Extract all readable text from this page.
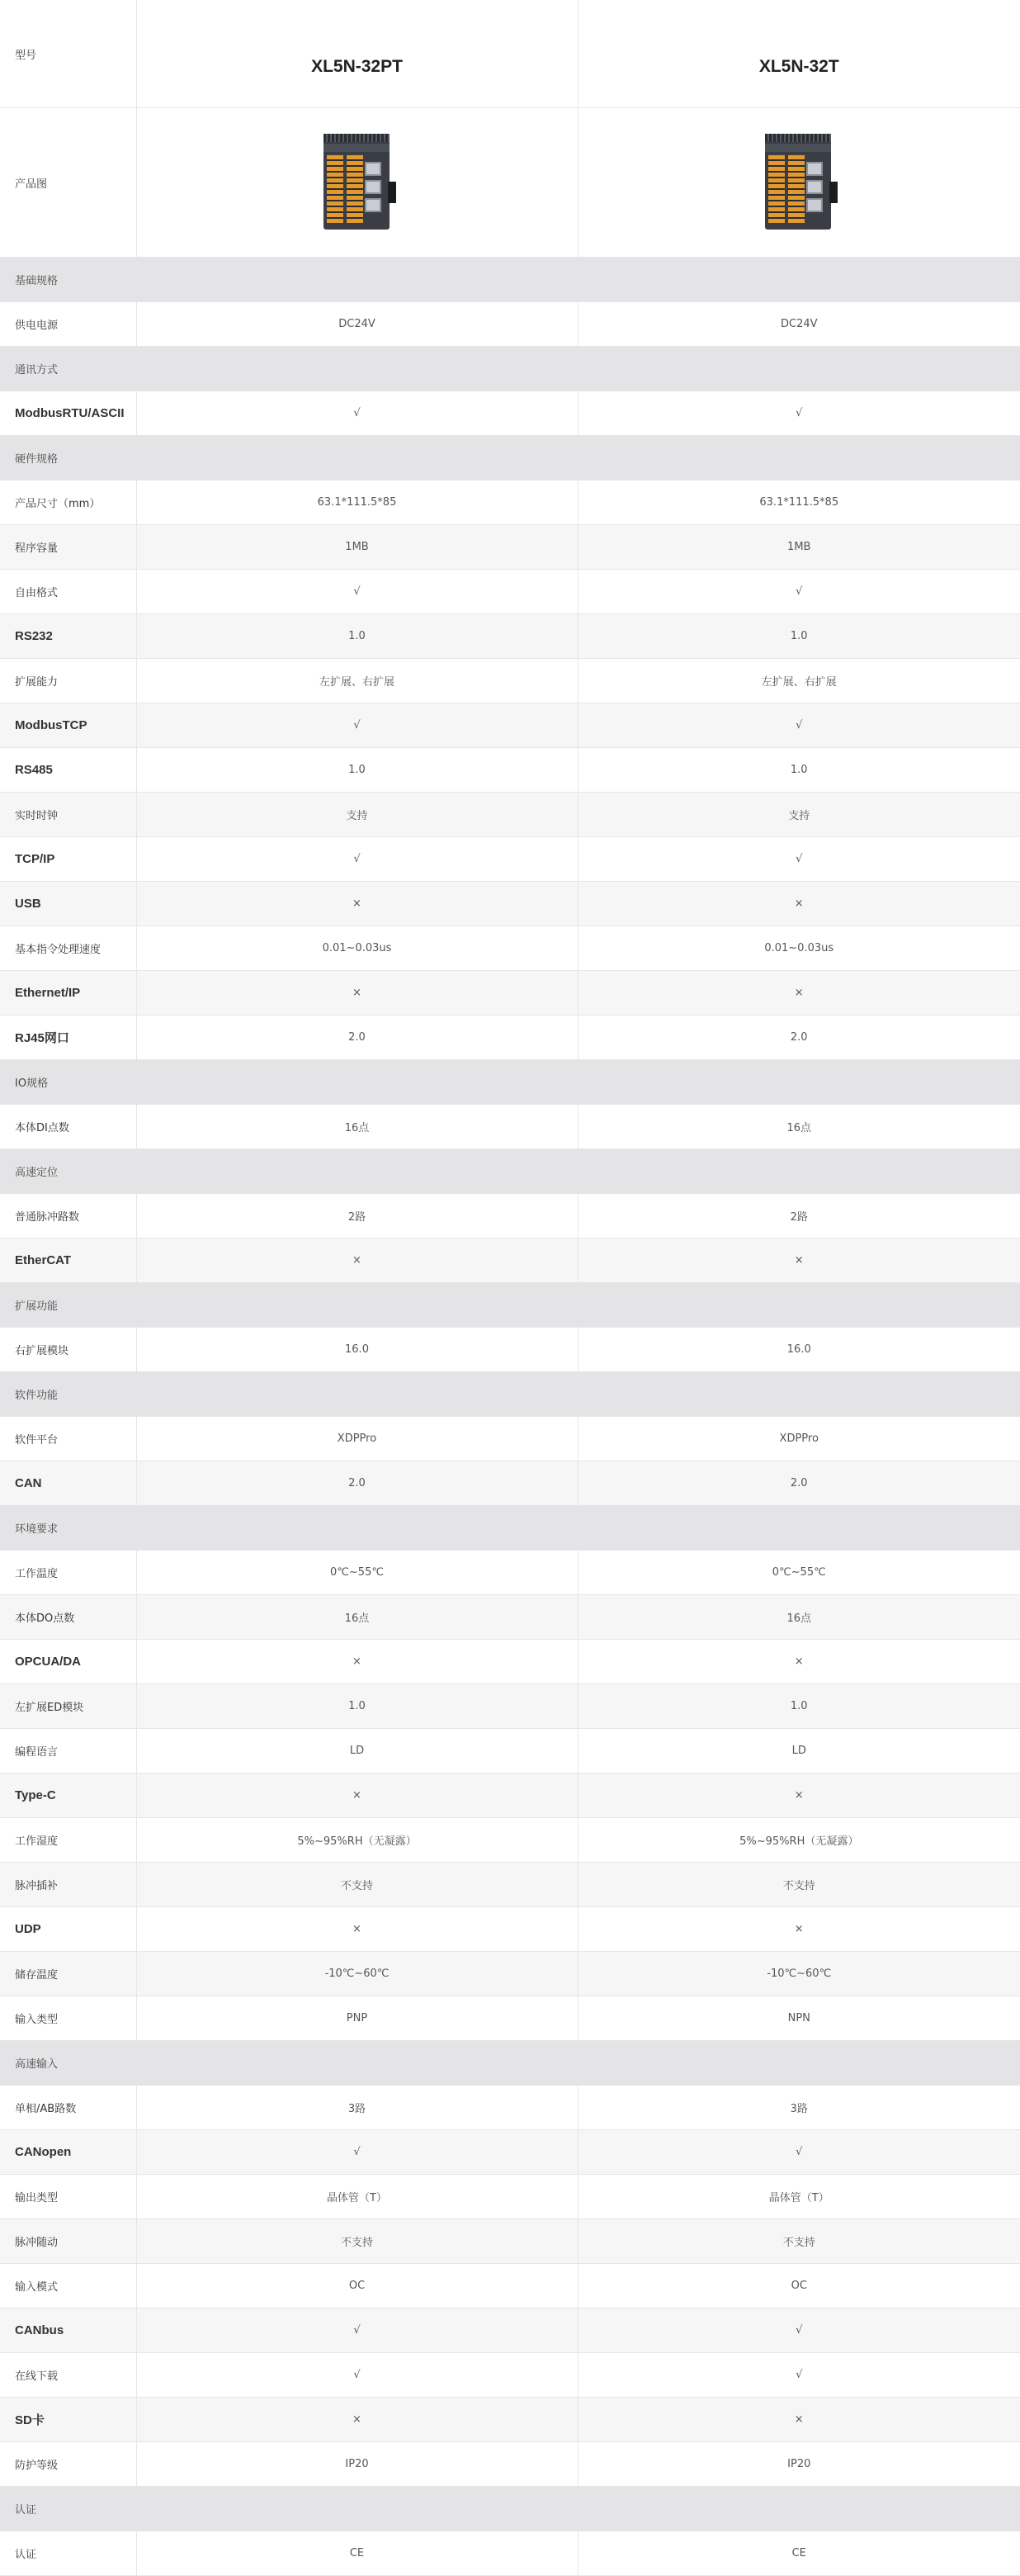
型号	XL5N-32PT	XL5N-32T
产品图	

基础规格		
供电电源	DC24V	DC24V
通讯方式		
ModbusRTU/ASCII	√	√
硬件规格		
产品尺寸（mm）	63.1*111.5*85	63.1*111.5*85
程序容量	1MB	1MB
自由格式	√	√
RS232	1.0	1.0
扩展能力	左扩展、右扩展	左扩展、右扩展
ModbusTCP	√	√
RS485	1.0	1.0
实时时钟	支持	支持
TCP/IP	√	√
USB	×	×
基本指令处理速度	0.01~0.03us	0.01~0.03us
Ethernet/IP	×	×
RJ45网口	2.0	2.0
IO规格		
本体DI点数	16点	16点
高速定位		
普通脉冲路数	2路	2路
EtherCAT	×	×
扩展功能		
右扩展模块	16.0	16.0
软件功能		
软件平台	XDPPro	XDPPro
CAN	2.0	2.0
环境要求		
工作温度	0℃~55℃	0℃~55℃
本体DO点数	16点	16点
OPCUA/DA	×	×
左扩展ED模块	1.0	1.0
编程语言	LD	LD
Type-C	×	×
工作湿度	5%~95%RH（无凝露）	5%~95%RH（无凝露）
脉冲插补	不支持	不支持
UDP	×	×
储存温度	-10℃~60℃	-10℃~60℃
输入类型	PNP	NPN
高速输入		
单相/AB路数	3路	3路
CANopen	√	√
输出类型	晶体管（T）	晶体管（T）
脉冲随动	不支持	不支持
输入模式	OC	OC
CANbus	√	√
在线下载	√	√
SD卡	×	×
防护等级	IP20	IP20
认证		
认证	CE	CE
